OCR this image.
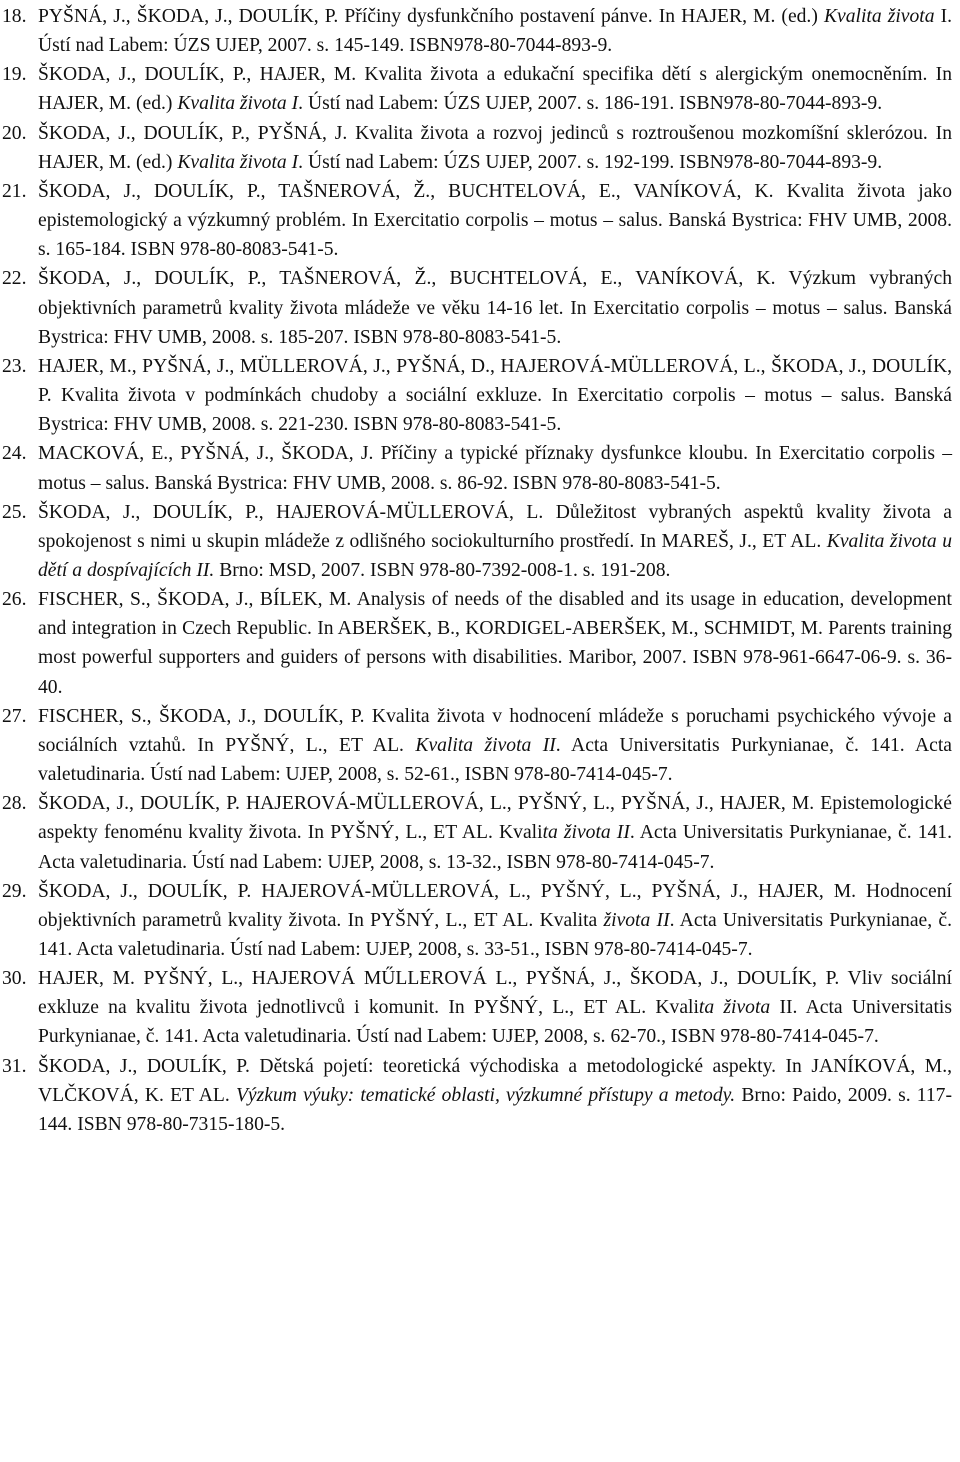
18. PYŠNÁ, J., ŠKODA, J., DOULÍK, P. Příčiny dysfunkčního postavení pánve. In HAJER, M. (ed.) Kvalita života I. Ústí nad Labem: ÚZS UJEP, 2007. s. 145-149. ISBN978-80-7044-893-9.
19. ŠKODA, J., DOULÍK, P., HAJER, M. Kvalita života a edukační specifika dětí s alergickým onemocněním. In HAJER, M. (ed.) Kvalita života I. Ústí nad Labem: ÚZS UJEP, 2007. s. 186-191. ISBN978-80-7044-893-9.
20. ŠKODA, J., DOULÍK, P., PYŠNÁ, J. Kvalita života a rozvoj jedinců s roztroušenou mozkomíšní sklerózou. In HAJER, M. (ed.) Kvalita života I. Ústí nad Labem: ÚZS UJEP, 2007. s. 192-199. ISBN978-80-7044-893-9.
21. ŠKODA, J., DOULÍK, P., TAŠNEROVÁ, Ž., BUCHTELOVÁ, E., VANÍKOVÁ, K. Kvalita života jako epistemologický a výzkumný problém. In Exercitatio corpolis – motus – salus. Banská Bystrica: FHV UMB, 2008. s. 165-184. ISBN 978-80-8083-541-5.
22. ŠKODA, J., DOULÍK, P., TAŠNEROVÁ, Ž., BUCHTELOVÁ, E., VANÍKOVÁ, K. Výzkum vybraných objektivních parametrů kvality života mládeže ve věku 14-16 let. In Exercitatio corpolis – motus – salus. Banská Bystrica: FHV UMB, 2008. s. 185-207. ISBN 978-80-8083-541-5.
23. HAJER, M., PYŠNÁ, J., MÜLLEROVÁ, J., PYŠNÁ, D., HAJEROVÁ-MÜLLEROVÁ, L., ŠKODA, J., DOULÍK, P. Kvalita života v podmínkách chudoby a sociální exkluze. In Exercitatio corpolis – motus – salus. Banská Bystrica: FHV UMB, 2008. s. 221-230. ISBN 978-80-8083-541-5.
24. MACKOVÁ, E., PYŠNÁ, J., ŠKODA, J. Příčiny a typické příznaky dysfunkce kloubu. In Exercitatio corpolis – motus – salus. Banská Bystrica: FHV UMB, 2008. s. 86-92. ISBN 978-80-8083-541-5.
25. ŠKODA, J., DOULÍK, P., HAJEROVÁ-MÜLLEROVÁ, L. Důležitost vybraných aspektů kvality života a spokojenost s nimi u skupin mládeže z odlišného sociokulturního prostředí. In MAREŠ, J., ET AL. Kvalita života u dětí a dospívajících II. Brno: MSD, 2007. ISBN 978-80-7392-008-1. s. 191-208.
26. FISCHER, S., ŠKODA, J., BÍLEK, M. Analysis of needs of the disabled and its usage in education, development and integration in Czech Republic. In ABERŠEK, B., KORDIGEL-ABERŠEK, M., SCHMIDT, M. Parents training most powerful supporters and guiders of persons with disabilities. Maribor, 2007. ISBN 978-961-6647-06-9. s. 36-40.
27. FISCHER, S., ŠKODA, J., DOULÍK, P. Kvalita života v hodnocení mládeže s poruchami psychického vývoje a sociálních vztahů. In PYŠNÝ, L., ET AL. Kvalita života II. Acta Universitatis Purkynianae, č. 141. Acta valetudinaria. Ústí nad Labem: UJEP, 2008, s. 52-61., ISBN 978-80-7414-045-7.
28. ŠKODA, J., DOULÍK, P. HAJEROVÁ-MÜLLEROVÁ, L., PYŠNÝ, L., PYŠNÁ, J., HAJER, M. Epistemologické aspekty fenoménu kvality života. In PYŠNÝ, L., ET AL. Kvalita života II. Acta Universitatis Purkynianae, č. 141. Acta valetudinaria. Ústí nad Labem: UJEP, 2008, s. 13-32., ISBN 978-80-7414-045-7.
29. ŠKODA, J., DOULÍK, P. HAJEROVÁ-MÜLLEROVÁ, L., PYŠNÝ, L., PYŠNÁ, J., HAJER, M. Hodnocení objektivních parametrů kvality života. In PYŠNÝ, L., ET AL. Kvalita života II. Acta Universitatis Purkynianae, č. 141. Acta valetudinaria. Ústí nad Labem: UJEP, 2008, s. 33-51., ISBN 978-80-7414-045-7.
30. HAJER, M. PYŠNÝ, L., HAJEROVÁ MŰLLEROVÁ L., PYŠNÁ, J., ŠKODA, J., DOULÍK, P. Vliv sociální exkluze na kvalitu života jednotlivců i komunit. In PYŠNÝ, L., ET AL. Kvalita života II. Acta Universitatis Purkynianae, č. 141. Acta valetudinaria. Ústí nad Labem: UJEP, 2008, s. 62-70., ISBN 978-80-7414-045-7.
31. ŠKODA, J., DOULÍK, P. Dětská pojetí: teoretická východiska a metodologické aspekty. In JANÍKOVÁ, M., VLČKOVÁ, K. ET AL. Výzkum výuky: tematické oblasti, výzkumné přístupy a metody. Brno: Paido, 2009. s. 117-144. ISBN 978-80-7315-180-5.
